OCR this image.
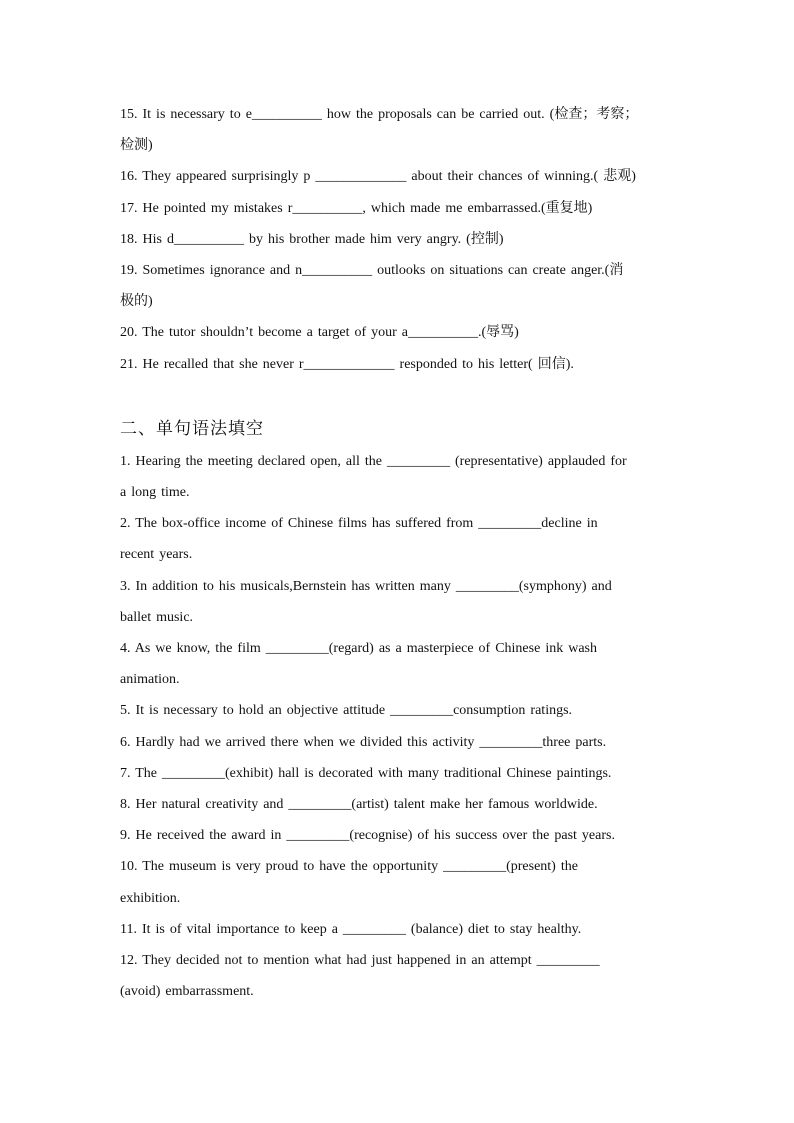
15. It is necessary to e__________ how the proposals can be carried out. (检查；考察；
检测)
16. They appeared surprisingly p _____________ about their chances of winning.( 悲观)
17. He pointed my mistakes r__________, which made me embarrassed.(重复地)
18. His d__________ by his brother made him very angry. (控制)
19. Sometimes ignorance and n__________ outlooks on situations can create anger.(消
极的)
20. The tutor shouldn’t become a target of your a__________.(辱骂)
21. He recalled that she never r_____________ responded to his letter( 回信).
二、单句语法填空
1. Hearing the meeting declared open, all the _________ (representative) applauded for
a long time.
2. The box-office income of Chinese films has suffered from _________decline in
recent years.
3. In addition to his musicals,Bernstein has written many _________(symphony) and
ballet music.
4. As we know, the film _________(regard) as a masterpiece of Chinese ink wash
animation.
5. It is necessary to hold an objective attitude _________consumption ratings.
6. Hardly had we arrived there when we divided this activity _________three parts.
7. The _________(exhibit) hall is decorated with many traditional Chinese paintings.
8. Her natural creativity and _________(artist) talent make her famous worldwide.
9. He received the award in _________(recognise) of his success over the past years.
10. The museum is very proud to have the opportunity _________(present) the
exhibition.
11. It is of vital importance to keep a _________ (balance) diet to stay healthy.
12. They decided not to mention what had just happened in an attempt _________
(avoid) embarrassment.
